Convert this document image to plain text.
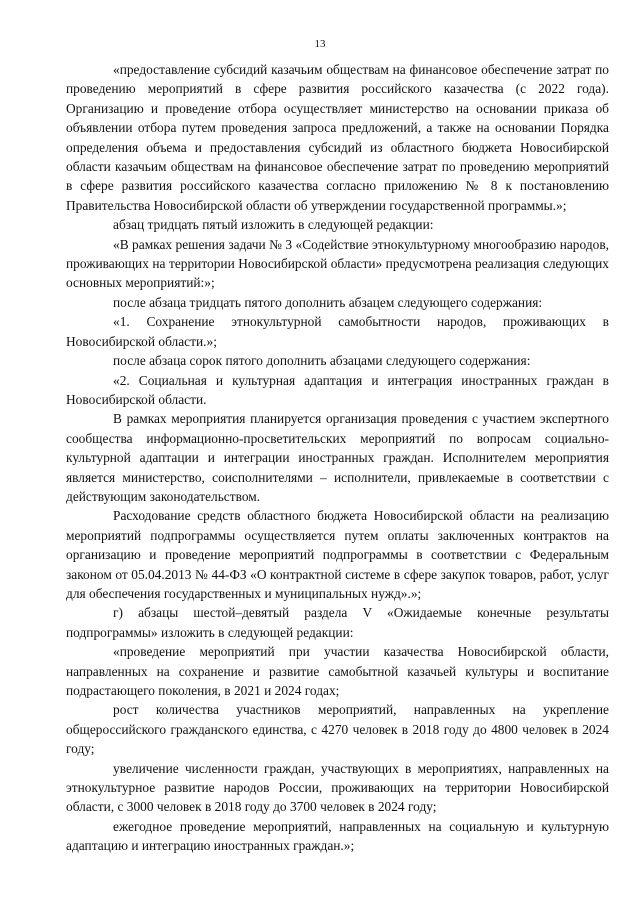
13

«предоставление субсидий казачьим обществам на финансовое обеспечение затрат по проведению мероприятий в сфере развития российского казачества (с 2022 года). Организацию и проведение отбора осуществляет министерство на основании приказа об объявлении отбора путем проведения запроса предложений, а также на основании Порядка определения объема и предоставления субсидий из областного бюджета Новосибирской области казачьим обществам на финансовое обеспечение затрат по проведению мероприятий в сфере развития российского казачества согласно приложению № 8 к постановлению Правительства Новосибирской области об утверждении государственной программы.»;

абзац тридцать пятый изложить в следующей редакции:

«В рамках решения задачи № 3 «Содействие этнокультурному многообразию народов, проживающих на территории Новосибирской области» предусмотрена реализация следующих основных мероприятий:»;

после абзаца тридцать пятого дополнить абзацем следующего содержания:

«1. Сохранение этнокультурной самобытности народов, проживающих в Новосибирской области.»;

после абзаца сорок пятого дополнить абзацами следующего содержания:

«2. Социальная и культурная адаптация и интеграция иностранных граждан в Новосибирской области.

В рамках мероприятия планируется организация проведения с участием экспертного сообщества информационно-просветительских мероприятий по вопросам социально-культурной адаптации и интеграции иностранных граждан. Исполнителем мероприятия является министерство, соисполнителями – исполнители, привлекаемые в соответствии с действующим законодательством.

Расходование средств областного бюджета Новосибирской области на реализацию мероприятий подпрограммы осуществляется путем оплаты заключенных контрактов на организацию и проведение мероприятий подпрограммы в соответствии с Федеральным законом от 05.04.2013 № 44-ФЗ «О контрактной системе в сфере закупок товаров, работ, услуг для обеспечения государственных и муниципальных нужд».»;

г) абзацы шестой–девятый раздела V «Ожидаемые конечные результаты подпрограммы» изложить в следующей редакции:

«проведение мероприятий при участии казачества Новосибирской области, направленных на сохранение и развитие самобытной казачьей культуры и воспитание подрастающего поколения, в 2021 и 2024 годах;

рост количества участников мероприятий, направленных на укрепление общероссийского гражданского единства, с 4270 человек в 2018 году до 4800 человек в 2024 году;

увеличение численности граждан, участвующих в мероприятиях, направленных на этнокультурное развитие народов России, проживающих на территории Новосибирской области, с 3000 человек в 2018 году до 3700 человек в 2024 году;

ежегодное проведение мероприятий, направленных на социальную и культурную адаптацию и интеграцию иностранных граждан.»;
